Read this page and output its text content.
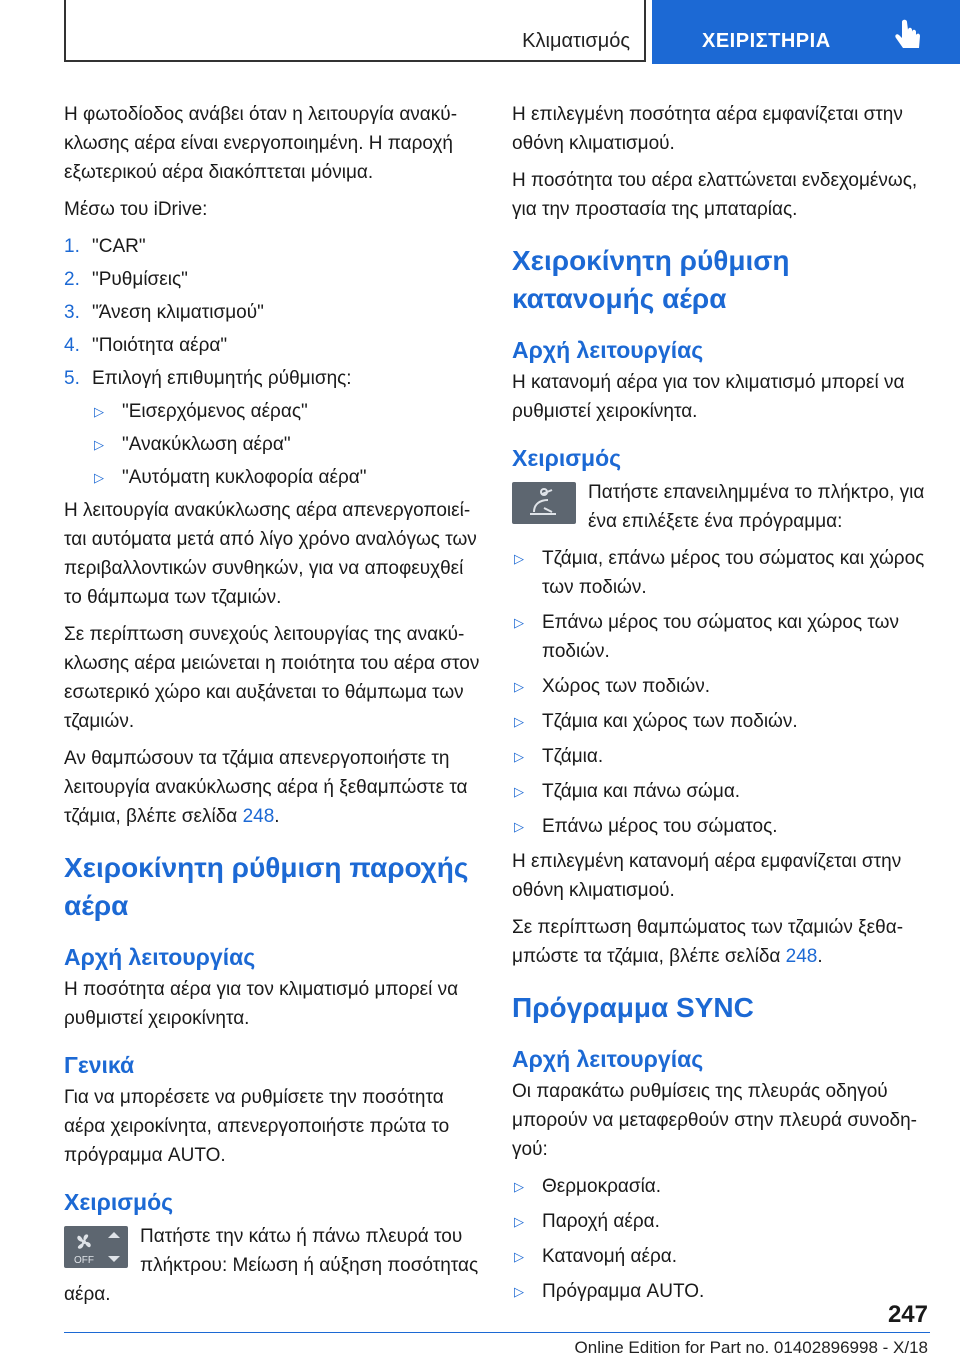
Κλιματισμός	ΧΕΙΡΙΣΤΗΡΙΑ

Η φωτοδίοδος ανάβει όταν η λειτουργία ανακύκλωσης αέρα είναι ενεργοποιημένη. Η παροχή εξωτερικού αέρα διακόπτεται μόνιμα.

Μέσω του iDrive:

1. "CAR"
2. "Ρυθμίσεις"
3. "Άνεση κλιματισμού"
4. "Ποιότητα αέρα"
5. Επιλογή επιθυμητής ρύθμισης:
▷ "Εισερχόμενος αέρας"
▷ "Ανακύκλωση αέρα"
▷ "Αυτόματη κυκλοφορία αέρα"

Η λειτουργία ανακύκλωσης αέρα απενεργοποιείται αυτόματα μετά από λίγο χρόνο αναλόγως των περιβαλλοντικών συνθηκών, για να αποφευχθεί το θάμπωμα των τζαμιών.

Σε περίπτωση συνεχούς λειτουργίας της ανακύκλωσης αέρα μειώνεται η ποιότητα του αέρα στον εσωτερικό χώρο και αυξάνεται το θάμπωμα των τζαμιών.

Αν θαμπώσουν τα τζάμια απενεργοποιήστε τη λειτουργία ανακύκλωσης αέρα ή ξεθαμπώστε τα τζάμια, βλέπε σελίδα 248.

Χειροκίνητη ρύθμιση παροχής αέρα
Αρχή λειτουργίας

Η ποσότητα αέρα για τον κλιματισμό μπορεί να ρυθμιστεί χειροκίνητα.

Γενικά

Για να μπορέσετε να ρυθμίσετε την ποσότητα αέρα χειροκίνητα, απενεργοποιήστε πρώτα το πρόγραμμα AUTO.

Χειρισμός
OFF
Πατήστε την κάτω ή πάνω πλευρά του πλήκτρου: Μείωση ή αύξηση ποσότητας αέρα.

Η επιλεγμένη ποσότητα αέρα εμφανίζεται στην οθόνη κλιματισμού.

Η ποσότητα του αέρα ελαττώνεται ενδεχομένως, για την προστασία της μπαταρίας.

Χειροκίνητη ρύθμιση κατανομής αέρα
Αρχή λειτουργίας

Η κατανομή αέρα για τον κλιματισμό μπορεί να ρυθμιστεί χειροκίνητα.

Χειρισμός
Πατήστε επανειλημμένα το πλήκτρο, για ένα επιλέξετε ένα πρόγραμμα:
▷ Τζάμια, επάνω μέρος του σώματος και χώρος των ποδιών.
▷ Επάνω μέρος του σώματος και χώρος των ποδιών.
▷ Χώρος των ποδιών.
▷ Τζάμια και χώρος των ποδιών.
▷ Τζάμια.
▷ Τζάμια και πάνω σώμα.
▷ Επάνω μέρος του σώματος.

Η επιλεγμένη κατανομή αέρα εμφανίζεται στην οθόνη κλιματισμού.

Σε περίπτωση θαμπώματος των τζαμιών ξεθαμπώστε τα τζάμια, βλέπε σελίδα 248.

Πρόγραμμα SYNC
Αρχή λειτουργίας

Οι παρακάτω ρυθμίσεις της πλευράς οδηγού μπορούν να μεταφερθούν στην πλευρά συνοδηγού:

▷ Θερμοκρασία.
▷ Παροχή αέρα.
▷ Κατανομή αέρα.
▷ Πρόγραμμα AUTO.
247
Online Edition for Part no. 01402896998 - X/18
